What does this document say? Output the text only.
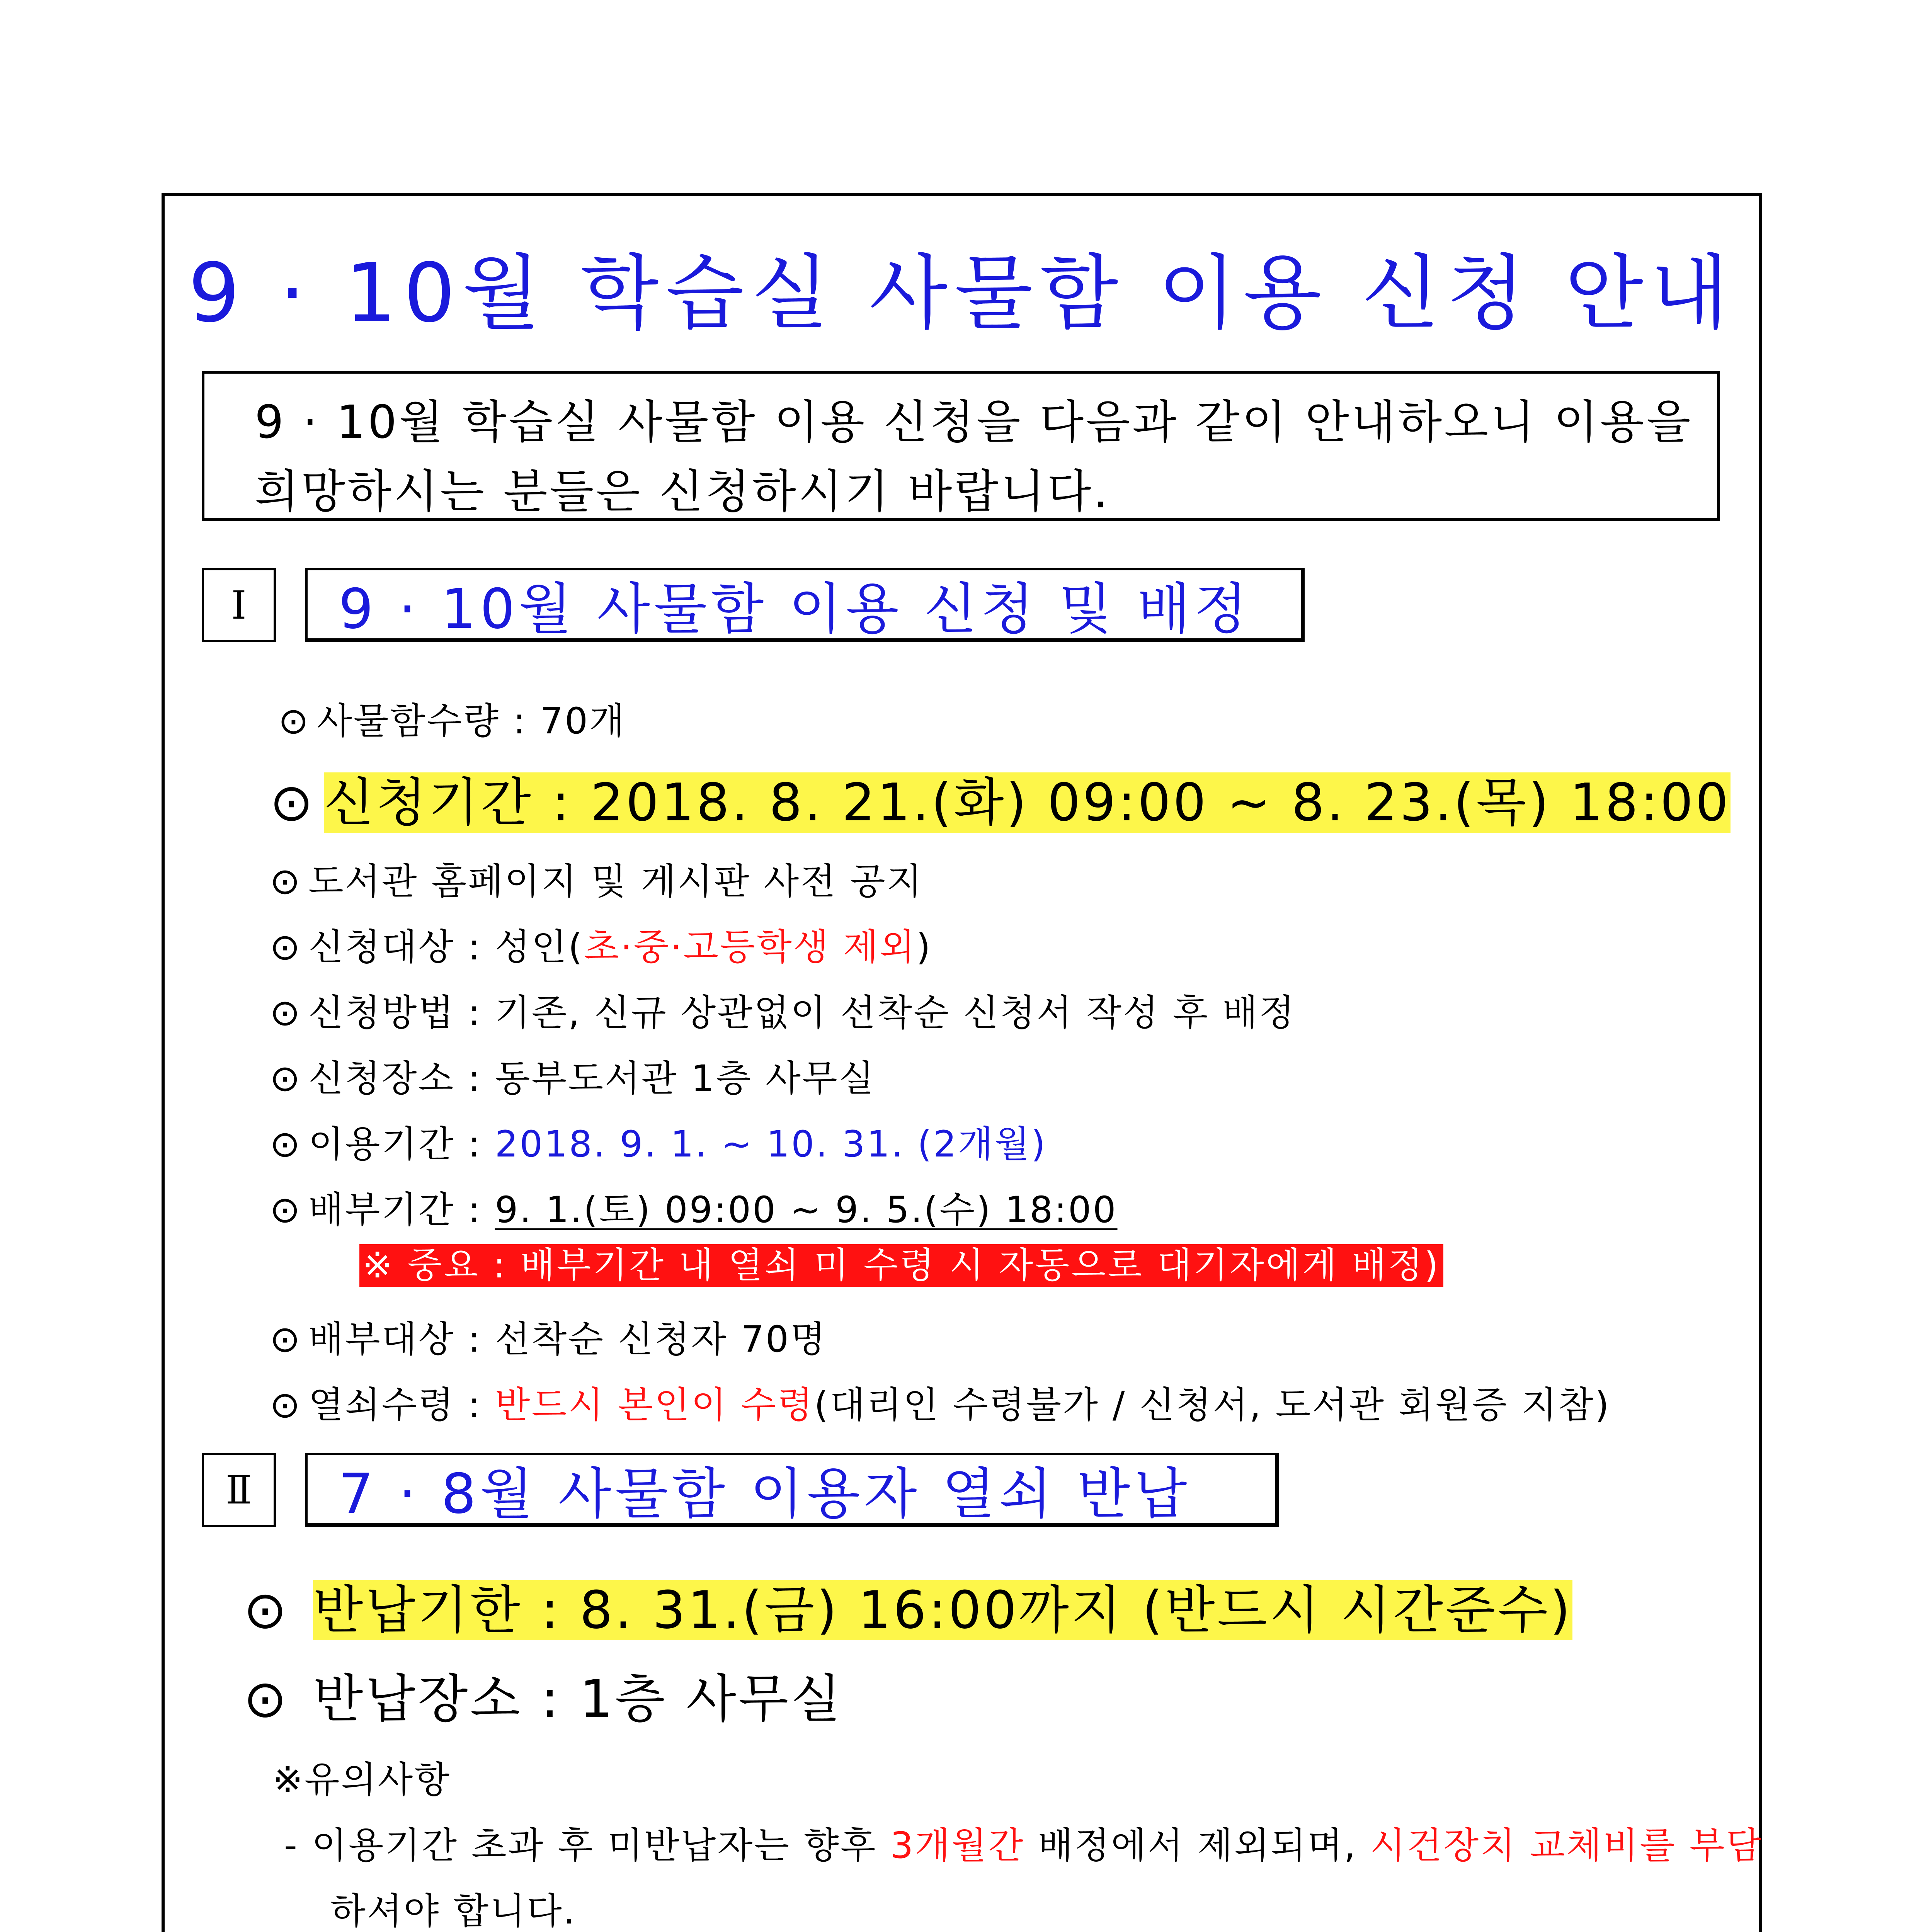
9 · 10월 학습실 사물함 이용 신청 안내
9 · 10월 학습실 사물함 이용 신청을 다음과 같이 안내하오니 이용을
희망하시는 분들은 신청하시기 바랍니다.
Ⅰ	9 · 10월 사물함 이용 신청 및 배정
⊙ 사물함수량 : 70개
⊙ 신청기간 : 2018. 8. 21.(화) 09:00 ~ 8. 23.(목) 18:00
⊙ 도서관 홈페이지 및 게시판 사전 공지
⊙ 신청대상 : 성인(초·중·고등학생 제외)
⊙ 신청방법 : 기존, 신규 상관없이 선착순 신청서 작성 후 배정
⊙ 신청장소 : 동부도서관 1층 사무실
⊙ 이용기간 : 2018. 9. 1. ~ 10. 31. (2개월)
⊙ 배부기간 : 9. 1.(토) 09:00 ~ 9. 5.(수) 18:00
※ 중요 : 배부기간 내 열쇠 미 수령 시 자동으로 대기자에게 배정)
⊙ 배부대상 : 선착순 신청자 70명
⊙ 열쇠수령 : 반드시 본인이 수령(대리인 수령불가 / 신청서, 도서관 회원증 지참)
Ⅱ	7 · 8월 사물함 이용자 열쇠 반납
⊙ 반납기한 : 8. 31.(금) 16:00까지 (반드시 시간준수)
⊙ 반납장소 : 1층 사무실
※유의사항
- 이용기간 초과 후 미반납자는 향후 3개월간 배정에서 제외되며, 시건장치 교체비를 부담
하셔야 합니다.
